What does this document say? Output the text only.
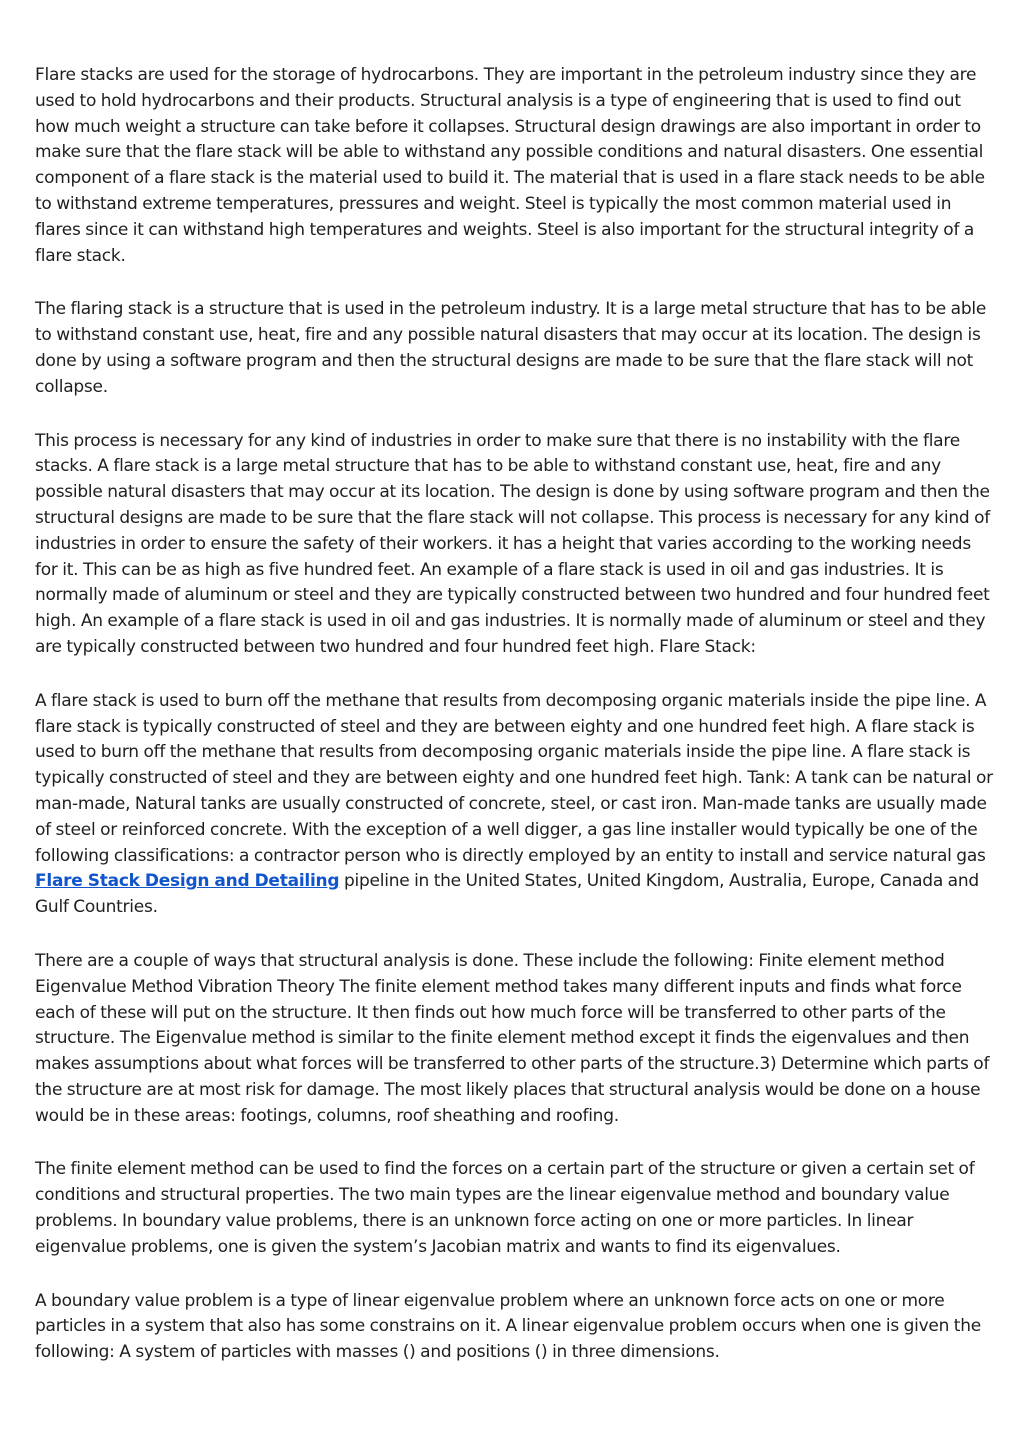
Flare stacks are used for the storage of hydrocarbons. They are important in the petroleum industry since they are used to hold hydrocarbons and their products. Structural analysis is a type of engineering that is used to find out how much weight a structure can take before it collapses. Structural design drawings are also important in order to make sure that the flare stack will be able to withstand any possible conditions and natural disasters. One essential component of a flare stack is the material used to build it. The material that is used in a flare stack needs to be able to withstand extreme temperatures, pressures and weight. Steel is typically the most common material used in flares since it can withstand high temperatures and weights. Steel is also important for the structural integrity of a flare stack.

The flaring stack is a structure that is used in the petroleum industry. It is a large metal structure that has to be able to withstand constant use, heat, fire and any possible natural disasters that may occur at its location. The design is done by using a software program and then the structural designs are made to be sure that the flare stack will not collapse.

This process is necessary for any kind of industries in order to make sure that there is no instability with the flare stacks. A flare stack is a large metal structure that has to be able to withstand constant use, heat, fire and any possible natural disasters that may occur at its location. The design is done by using software program and then the structural designs are made to be sure that the flare stack will not collapse. This process is necessary for any kind of industries in order to ensure the safety of their workers. it has a height that varies according to the working needs for it. This can be as high as five hundred feet. An example of a flare stack is used in oil and gas industries. It is normally made of aluminum or steel and they are typically constructed between two hundred and four hundred feet high. An example of a flare stack is used in oil and gas industries. It is normally made of aluminum or steel and they are typically constructed between two hundred and four hundred feet high. Flare Stack:

A flare stack is used to burn off the methane that results from decomposing organic materials inside the pipe line. A flare stack is typically constructed of steel and they are between eighty and one hundred feet high. A flare stack is used to burn off the methane that results from decomposing organic materials inside the pipe line. A flare stack is typically constructed of steel and they are between eighty and one hundred feet high. Tank: A tank can be natural or man-made, Natural tanks are usually constructed of concrete, steel, or cast iron. Man-made tanks are usually made of steel or reinforced concrete. With the exception of a well digger, a gas line installer would typically be one of the following classifications: a contractor person who is directly employed by an entity to install and service natural gas Flare Stack Design and Detailing pipeline in the United States, United Kingdom, Australia, Europe, Canada and Gulf Countries.

There are a couple of ways that structural analysis is done. These include the following: Finite element method Eigenvalue Method Vibration Theory The finite element method takes many different inputs and finds what force each of these will put on the structure. It then finds out how much force will be transferred to other parts of the structure. The Eigenvalue method is similar to the finite element method except it finds the eigenvalues and then makes assumptions about what forces will be transferred to other parts of the structure.3) Determine which parts of the structure are at most risk for damage. The most likely places that structural analysis would be done on a house would be in these areas: footings, columns, roof sheathing and roofing.

The finite element method can be used to find the forces on a certain part of the structure or given a certain set of conditions and structural properties. The two main types are the linear eigenvalue method and boundary value problems. In boundary value problems, there is an unknown force acting on one or more particles. In linear eigenvalue problems, one is given the system’s Jacobian matrix and wants to find its eigenvalues.

A boundary value problem is a type of linear eigenvalue problem where an unknown force acts on one or more particles in a system that also has some constrains on it. A linear eigenvalue problem occurs when one is given the following: A system of particles with masses () and positions () in three dimensions.
